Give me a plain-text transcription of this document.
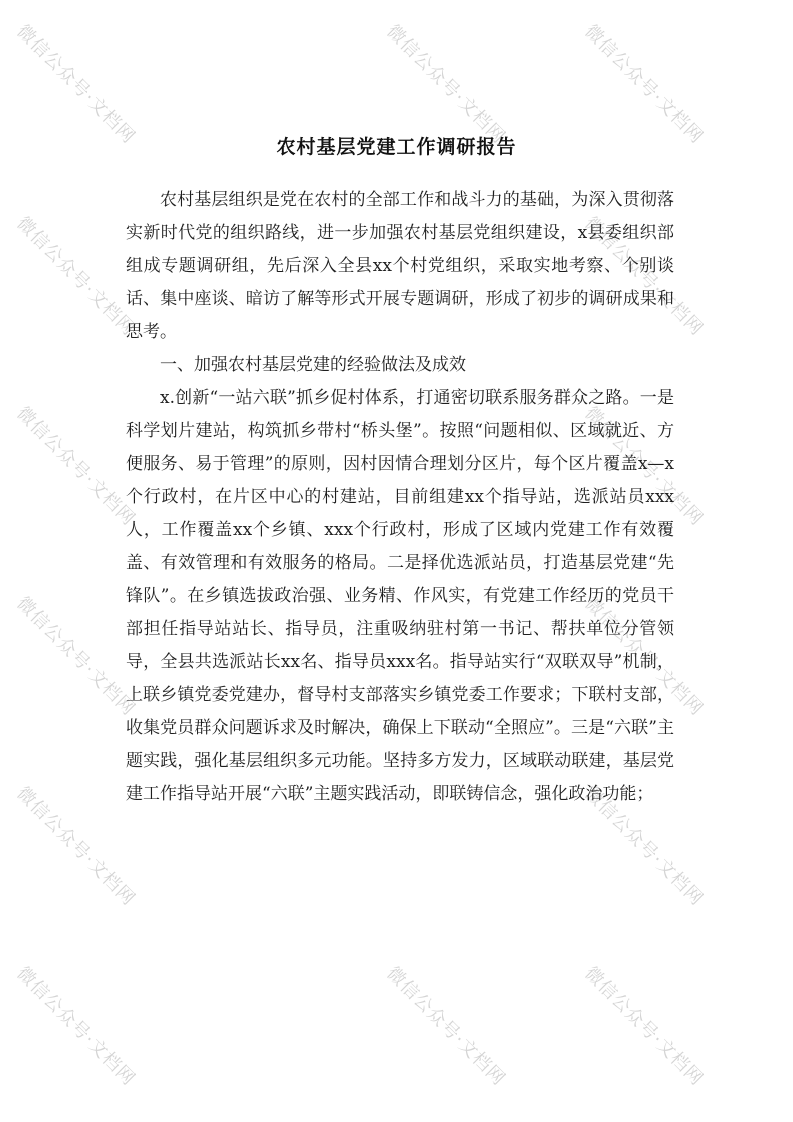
微信公众号·文档网	微信公众号·文档网	微信公众号·文档网
微信公众号·文档网	微信公众号·文档网
微信公众号·文档网	微信公众号·文档网
微信公众号·文档网	微信公众号·文档网
微信公众号·文档网	微信公众号·文档网
微信公众号·文档网	微信公众号·文档网	微信公众号·文档网
农村基层党建工作调研报告

农村基层组织是党在农村的全部工作和战斗力的基础，为深入贯彻落实新时代党的组织路线，进一步加强农村基层党组织建设，x县委组织部组成专题调研组，先后深入全县xx个村党组织，采取实地考察、个别谈话、集中座谈、暗访了解等形式开展专题调研，形成了初步的调研成果和思考。

一、加强农村基层党建的经验做法及成效

x.创新“一站六联”抓乡促村体系，打通密切联系服务群众之路。一是科学划片建站，构筑抓乡带村“桥头堡”。按照“问题相似、区域就近、方便服务、易于管理”的原则，因村因情合理划分区片，每个区片覆盖x—x个行政村，在片区中心的村建站，目前组建xx个指导站，选派站员xxx人，工作覆盖xx个乡镇、xxx个行政村，形成了区域内党建工作有效覆盖、有效管理和有效服务的格局。二是择优选派站员，打造基层党建“先锋队”。在乡镇选拔政治强、业务精、作风实，有党建工作经历的党员干部担任指导站站长、指导员，注重吸纳驻村第一书记、帮扶单位分管领导，全县共选派站长xx名、指导员xxx名。指导站实行“双联双导”机制，上联乡镇党委党建办，督导村支部落实乡镇党委工作要求；下联村支部，收集党员群众问题诉求及时解决，确保上下联动“全照应”。三是“六联”主题实践，强化基层组织多元功能。坚持多方发力，区域联动联建，基层党建工作指导站开展“六联”主题实践活动，即联铸信念，强化政治功能；
